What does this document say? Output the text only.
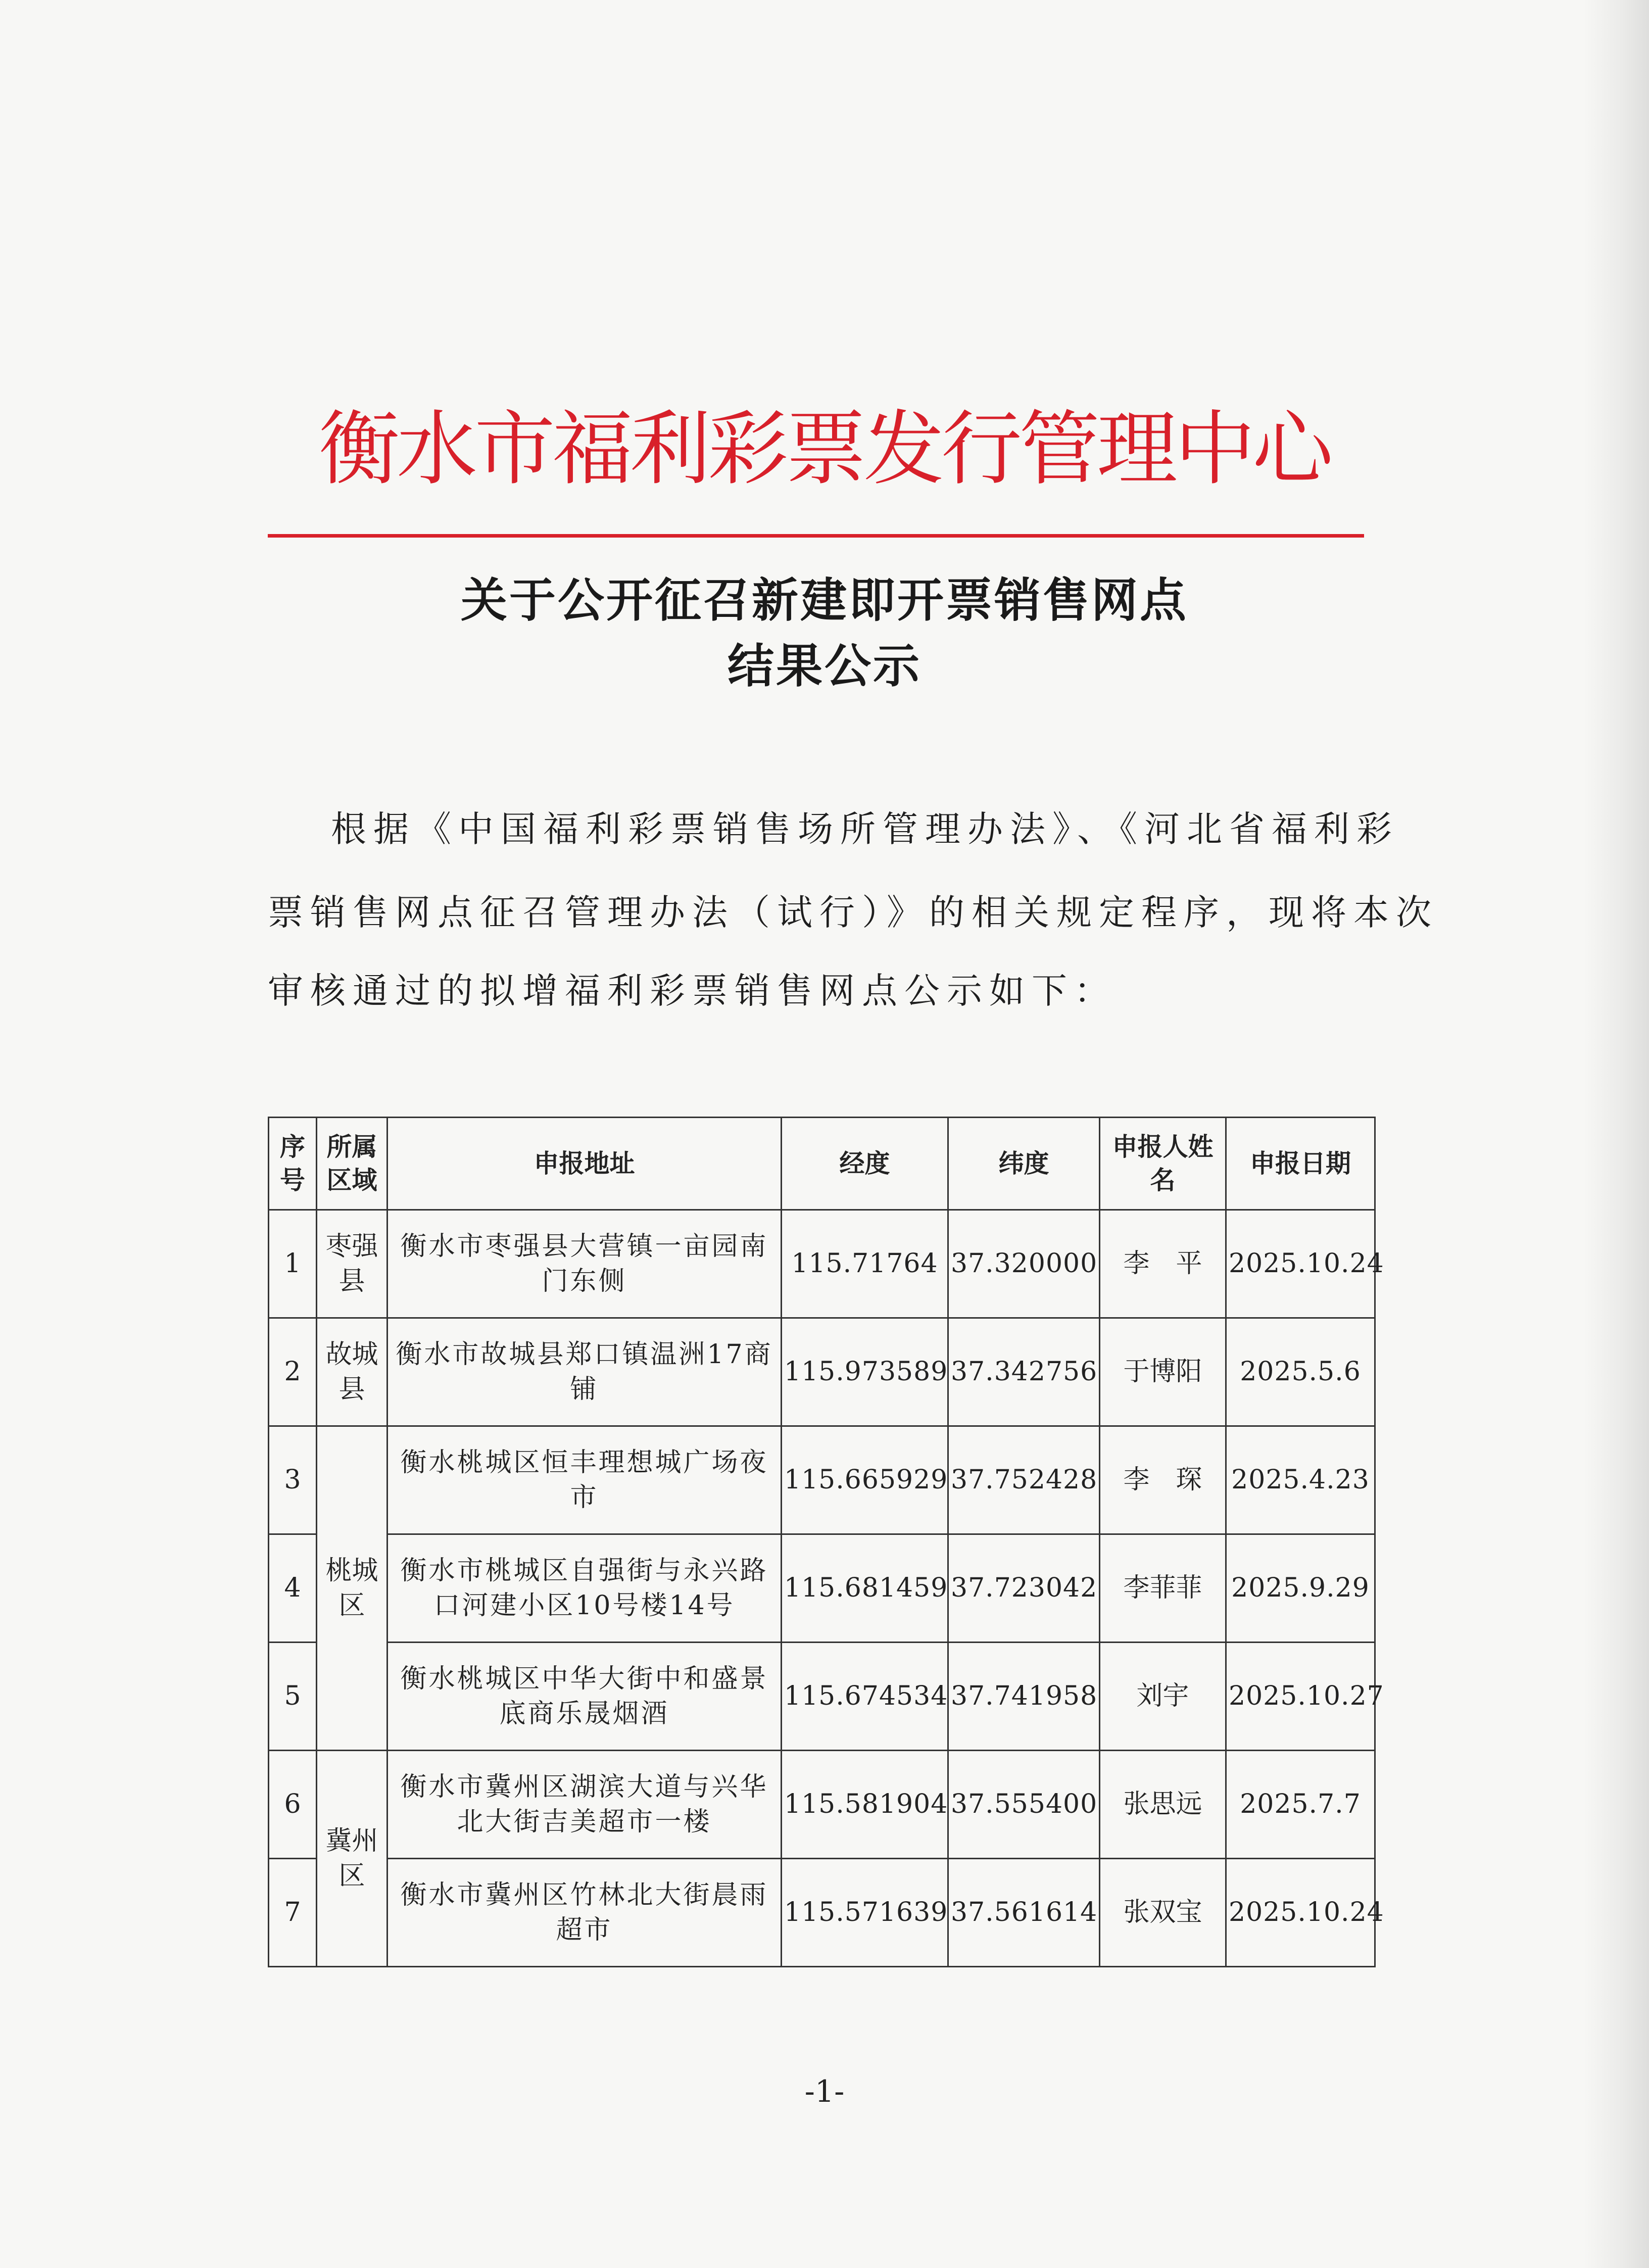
衡水市福利彩票发行管理中心
关于公开征召新建即开票销售网点
结果公示
根据《中国福利彩票销售场所管理办法》、《河北省福利彩
票销售网点征召管理办法（试行）》的相关规定程序，现将本次
审核通过的拟增福利彩票销售网点公示如下：
序号	所属区域	申报地址	经度	纬度	申报人姓名	申报日期
1	枣强县	衡水市枣强县大营镇一亩园南门东侧	115.71764	37.320000	李　平	2025.10.24
2	故城县	衡水市故城县郑口镇温洲17商铺	115.973589	37.342756	于博阳	2025.5.6
3	桃城区	衡水桃城区恒丰理想城广场夜市	115.665929	37.752428	李　琛	2025.4.23
4		衡水市桃城区自强街与永兴路口河建小区10号楼14号	115.681459	37.723042	李菲菲	2025.9.29
5		衡水桃城区中华大街中和盛景底商乐晟烟酒	115.674534	37.741958	刘宇	2025.10.27
6	冀州区	衡水市冀州区湖滨大道与兴华北大街吉美超市一楼	115.581904	37.555400	张思远	2025.7.7
7		衡水市冀州区竹林北大街晨雨超市	115.571639	37.561614	张双宝	2025.10.24
-1-
